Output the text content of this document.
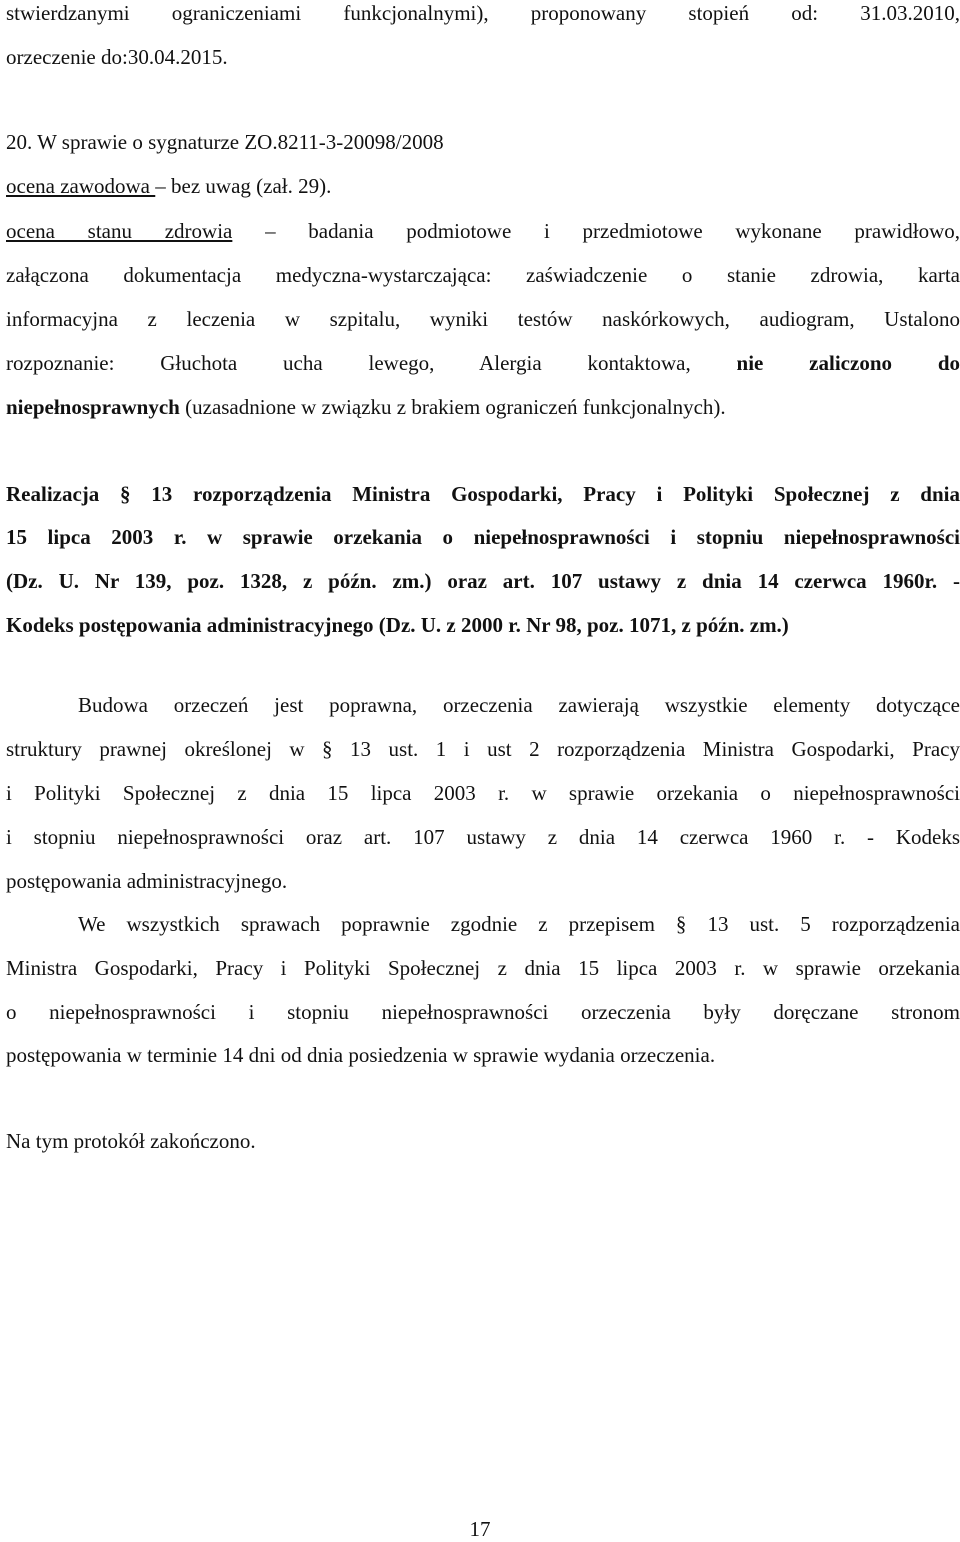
stwierdzanymi ograniczeniami funkcjonalnymi), proponowany stopień od: 31.03.2010,
orzeczenie do:30.04.2015.
20. W sprawie o sygnaturze ZO.8211-3-20098/2008
ocena zawodowa – bez uwag (zał. 29).
ocena stanu zdrowia – badania podmiotowe i przedmiotowe wykonane prawidłowo,
załączona dokumentacja medyczna-wystarczająca: zaświadczenie o stanie zdrowia, karta
informacyjna z leczenia w szpitalu, wyniki testów naskórkowych, audiogram, Ustalono
rozpoznanie: Głuchota ucha lewego, Alergia kontaktowa, nie zaliczono do
niepełnosprawnych (uzasadnione w związku z brakiem ograniczeń funkcjonalnych).
Realizacja § 13 rozporządzenia Ministra Gospodarki, Pracy i Polityki Społecznej z dnia
15 lipca 2003 r. w sprawie orzekania o niepełnosprawności i stopniu niepełnosprawności
(Dz. U. Nr 139, poz. 1328, z późn. zm.) oraz art. 107 ustawy z dnia 14 czerwca 1960r. -
Kodeks postępowania administracyjnego (Dz. U. z 2000 r. Nr 98, poz. 1071, z późn. zm.)
Budowa orzeczeń jest poprawna, orzeczenia zawierają wszystkie elementy dotyczące
struktury prawnej określonej w § 13 ust. 1 i ust 2 rozporządzenia Ministra Gospodarki, Pracy
i Polityki Społecznej z dnia 15 lipca 2003 r. w sprawie orzekania o niepełnosprawności
i stopniu niepełnosprawności oraz art. 107 ustawy z dnia 14 czerwca 1960 r. - Kodeks
postępowania administracyjnego.
We wszystkich sprawach poprawnie zgodnie z przepisem § 13 ust. 5 rozporządzenia
Ministra Gospodarki, Pracy i Polityki Społecznej z dnia 15 lipca 2003 r. w sprawie orzekania
o niepełnosprawności i stopniu niepełnosprawności orzeczenia były doręczane stronom
postępowania w terminie 14 dni od dnia posiedzenia w sprawie wydania orzeczenia.
Na tym protokół zakończono.
17
